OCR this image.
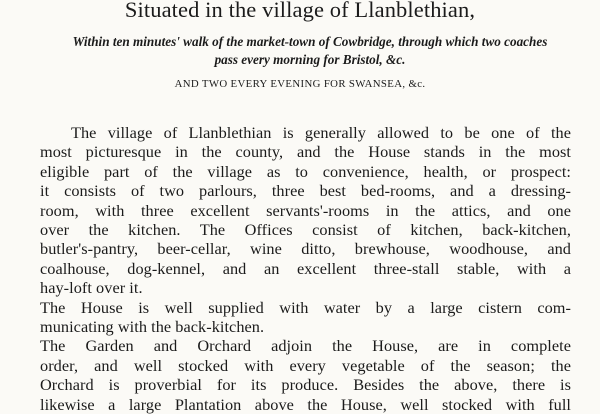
Situated in the village of Llanblethian,
Within ten minutes' walk of the market-town of Cowbridge, through which two coaches
pass every morning for Bristol, &c.
AND TWO EVERY EVENING FOR SWANSEA, &c.

The village of Llanblethian is generally allowed to be one of the
most picturesque in the county, and the House stands in the most
eligible part of the village as to convenience, health, or prospect:
it consists of two parlours, three best bed-rooms, and a dressing-
room, with three excellent servants'-rooms in the attics, and one
over the kitchen. The Offices consist of kitchen, back-kitchen,
butler's-pantry, beer-cellar, wine ditto, brewhouse, woodhouse, and
coalhouse, dog-kennel, and an excellent three-stall stable, with a
hay-loft over it.

The House is well supplied with water by a large cistern com-
municating with the back-kitchen.

The Garden and Orchard adjoin the House, are in complete
order, and well stocked with every vegetable of the season; the
Orchard is proverbial for its produce. Besides the above, there is
likewise a large Plantation above the House, well stocked with full
